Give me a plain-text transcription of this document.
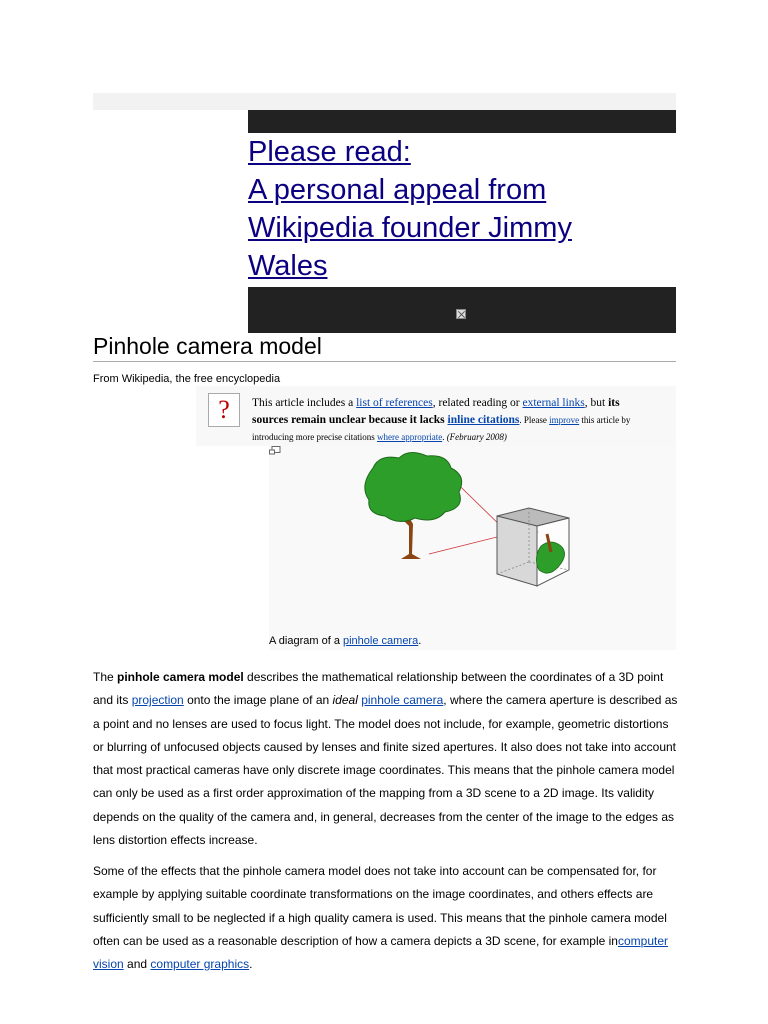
Please read:
A personal appeal from
Wikipedia founder Jimmy
Wales
Pinhole camera model
From Wikipedia, the free encyclopedia
?	This article includes a list of references, related reading or external links, but its
sources remain unclear because it lacks inline citations. Please improve this article by
introducing more precise citations where appropriate. (February 2008)
A diagram of a pinhole camera.
The pinhole camera model describes the mathematical relationship between the coordinates of a 3D point and its projection onto the image plane of an ideal pinhole camera, where the camera aperture is described as a point and no lenses are used to focus light. The model does not include, for example, geometric distortions or blurring of unfocused objects caused by lenses and finite sized apertures. It also does not take into account that most practical cameras have only discrete image coordinates. This means that the pinhole camera model can only be used as a first order approximation of the mapping from a 3D scene to a 2D image. Its validity depends on the quality of the camera and, in general, decreases from the center of the image to the edges as lens distortion effects increase.
Some of the effects that the pinhole camera model does not take into account can be compensated for, for example by applying suitable coordinate transformations on the image coordinates, and others effects are sufficiently small to be neglected if a high quality camera is used. This means that the pinhole camera model often can be used as a reasonable description of how a camera depicts a 3D scene, for example incomputer vision and computer graphics.
